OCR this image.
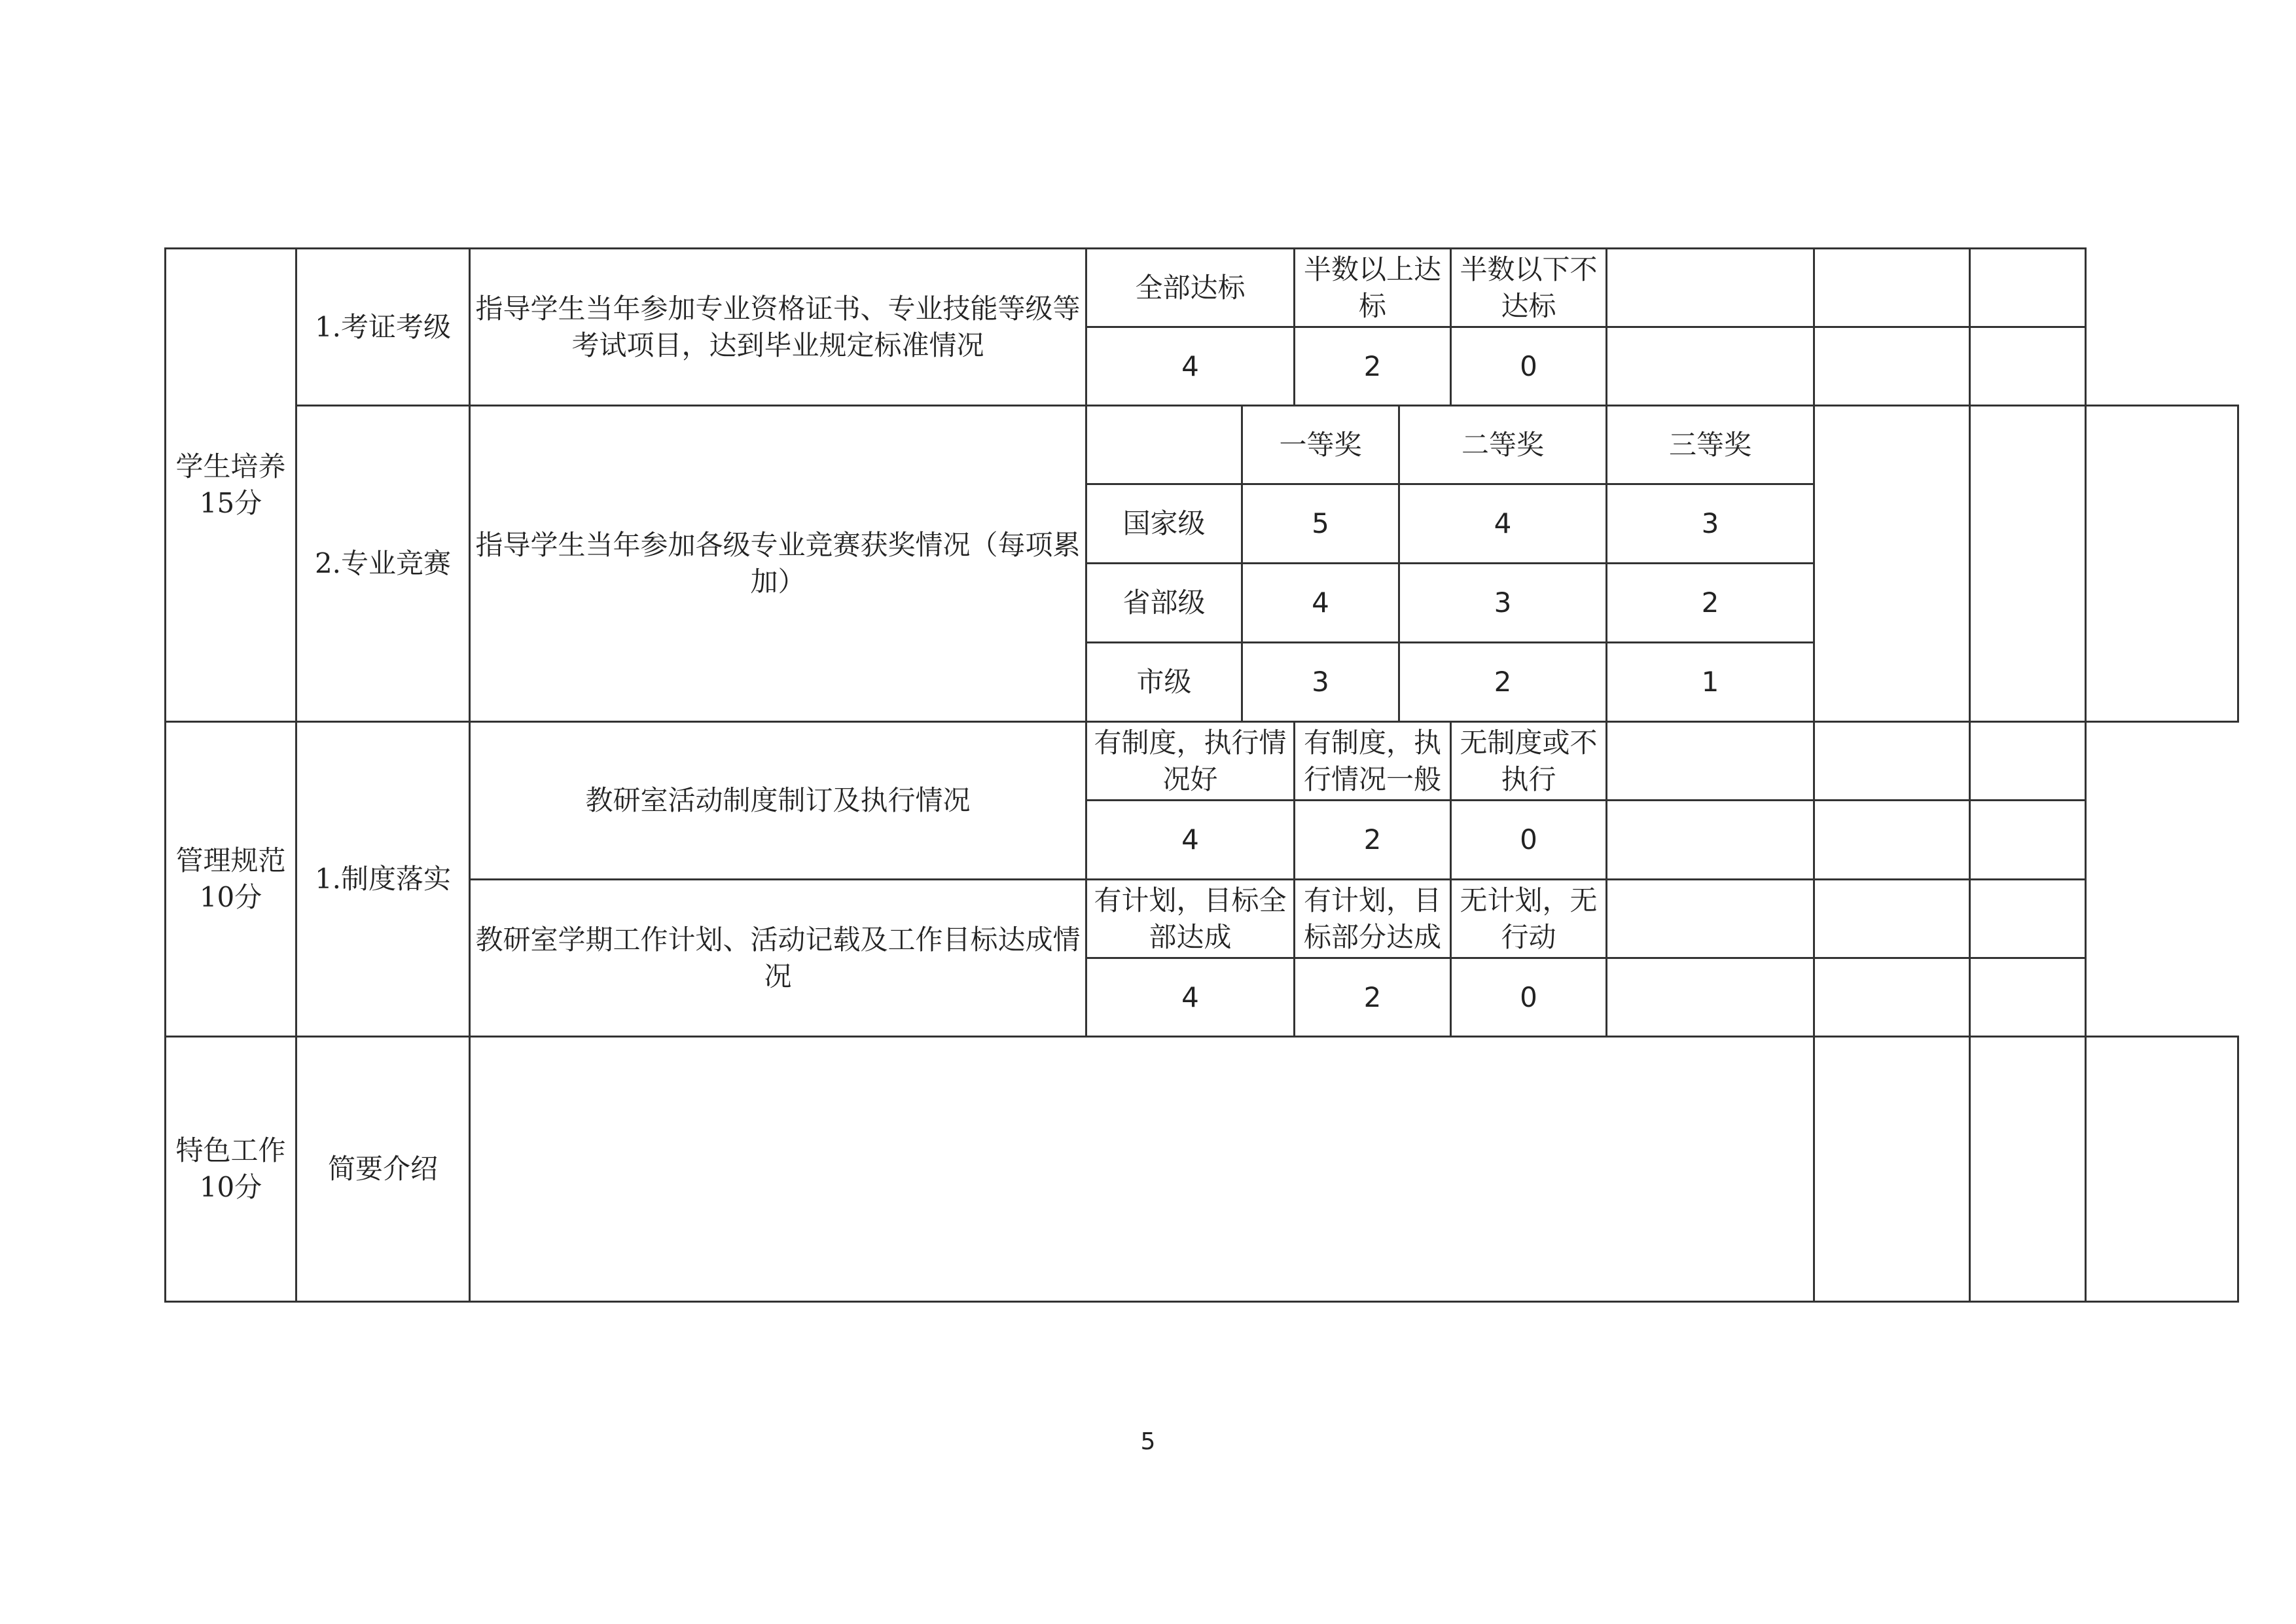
学生培养15分	1.考证考级	指导学生当年参加专业资格证书、专业技能等级等考试项目，达到毕业规定标准情况	全部达标		半数以上达标		半数以下不达标				

			4		2		0				
	2.专业竞赛	指导学生当年参加各级专业竞赛获奖情况（每项累加）		一等奖		二等奖		三等奖			
			国家级	5		4		3			
			省部级	4		3		2			
			市级	3		2		1			

管理规范10分	1.制度落实	教研室活动制度制订及执行情况	有制度，执行情况好		有制度，执行情况一般		无制度或不执行				

			4		2		0				
		教研室学期工作计划、活动记载及工作目标达成情况	有计划，目标全部达成		有计划，目标部分达成		无计划，无行动				

			4		2		0				
特色工作10分	简要介绍										
5
